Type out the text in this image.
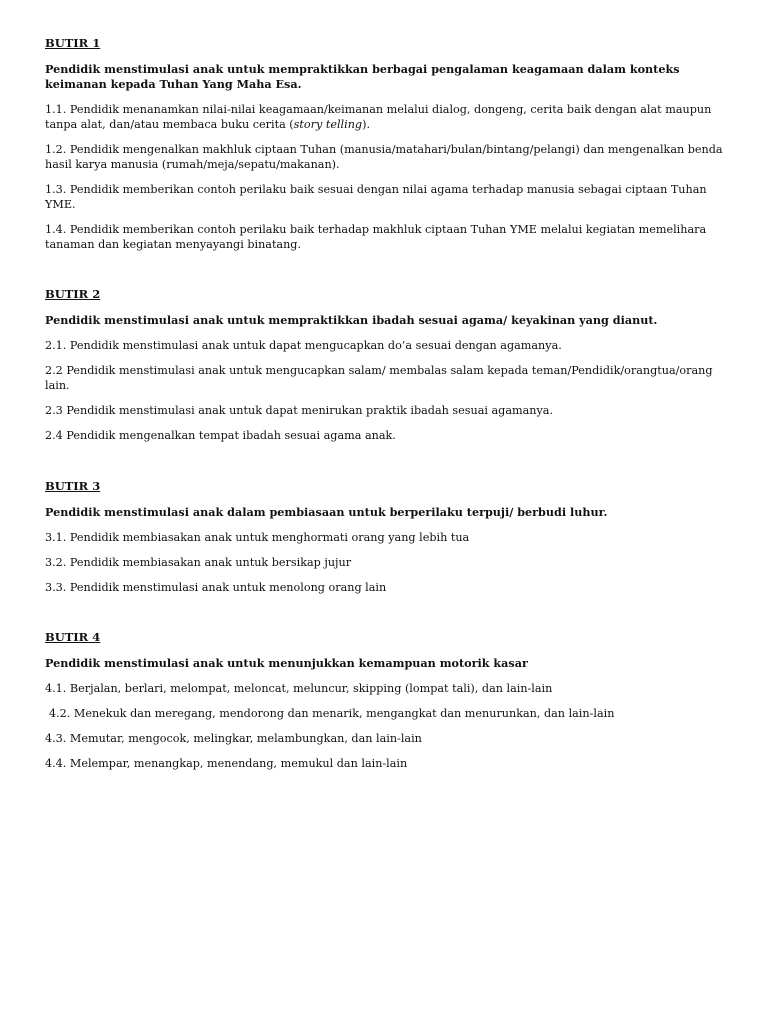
BUTIR 1

Pendidik menstimulasi anak untuk mempraktikkan berbagai pengalaman keagamaan dalam konteks keimanan kepada Tuhan Yang Maha Esa.

1.1. Pendidik menanamkan nilai-nilai keagamaan/keimanan melalui dialog, dongeng, cerita baik dengan alat maupun tanpa alat, dan/atau membaca buku cerita (story telling).

1.2. Pendidik mengenalkan makhluk ciptaan Tuhan (manusia/matahari/bulan/bintang/pelangi) dan mengenalkan benda hasil karya manusia (rumah/meja/sepatu/makanan).

1.3. Pendidik memberikan contoh perilaku baik sesuai dengan nilai agama terhadap manusia sebagai ciptaan Tuhan YME.

1.4. Pendidik memberikan contoh perilaku baik terhadap makhluk ciptaan Tuhan YME melalui kegiatan memelihara tanaman dan kegiatan menyayangi binatang.

BUTIR 2

Pendidik menstimulasi anak untuk mempraktikkan ibadah sesuai agama/ keyakinan yang dianut.

2.1. Pendidik menstimulasi anak untuk dapat mengucapkan do’a sesuai dengan agamanya.

2.2 Pendidik menstimulasi anak untuk mengucapkan salam/ membalas salam kepada teman/Pendidik/orangtua/orang lain.

2.3 Pendidik menstimulasi anak untuk dapat menirukan praktik ibadah sesuai agamanya.

2.4 Pendidik mengenalkan tempat ibadah sesuai agama anak.

BUTIR 3

Pendidik menstimulasi anak dalam pembiasaan untuk berperilaku terpuji/ berbudi luhur.

3.1. Pendidik membiasakan anak untuk menghormati orang yang lebih tua

3.2. Pendidik membiasakan anak untuk bersikap jujur

3.3. Pendidik menstimulasi anak untuk menolong orang lain

BUTIR 4

Pendidik menstimulasi anak untuk menunjukkan kemampuan motorik kasar

4.1. Berjalan, berlari, melompat, meloncat, meluncur, skipping (lompat tali), dan lain-lain

4.2. Menekuk dan meregang, mendorong dan menarik, mengangkat dan menurunkan, dan lain-lain

4.3. Memutar, mengocok, melingkar, melambungkan, dan lain-lain

4.4. Melempar, menangkap, menendang, memukul dan lain-lain
